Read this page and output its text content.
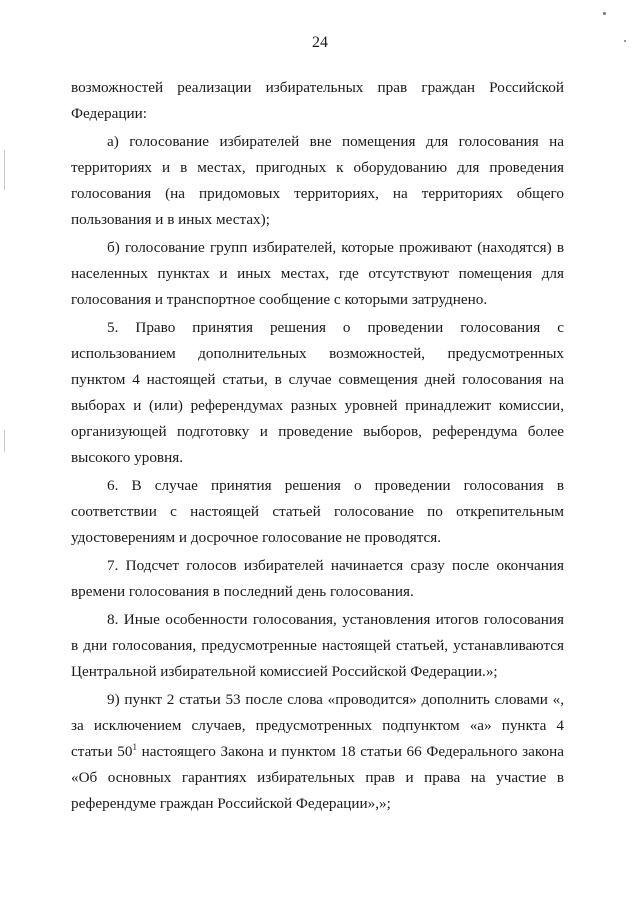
24

возможностей реализации избирательных прав граждан Российской Федерации:

а) голосование избирателей вне помещения для голосования на территориях и в местах, пригодных к оборудованию для проведения голосования (на придомовых территориях, на территориях общего пользования и в иных местах);

б) голосование групп избирателей, которые проживают (находятся) в населенных пунктах и иных местах, где отсутствуют помещения для голосования и транспортное сообщение с которыми затруднено.

5. Право принятия решения о проведении голосования с использованием дополнительных возможностей, предусмотренных пунктом 4 настоящей статьи, в случае совмещения дней голосования на выборах и (или) референдумах разных уровней принадлежит комиссии, организующей подготовку и проведение выборов, референдума более высокого уровня.

6. В случае принятия решения о проведении голосования в соответствии с настоящей статьей голосование по открепительным удостоверениям и досрочное голосование не проводятся.

7. Подсчет голосов избирателей начинается сразу после окончания времени голосования в последний день голосования.

8. Иные особенности голосования, установления итогов голосования в дни голосования, предусмотренные настоящей статьей, устанавливаются Центральной избирательной комиссией Российской Федерации.»;

9) пункт 2 статьи 53 после слова «проводится» дополнить словами «, за исключением случаев, предусмотренных подпунктом «а» пункта 4 статьи $50^1$ настоящего Закона и пунктом 18 статьи 66 Федерального закона «Об основных гарантиях избирательных прав и права на участие в референдуме граждан Российской Федерации»,»;
